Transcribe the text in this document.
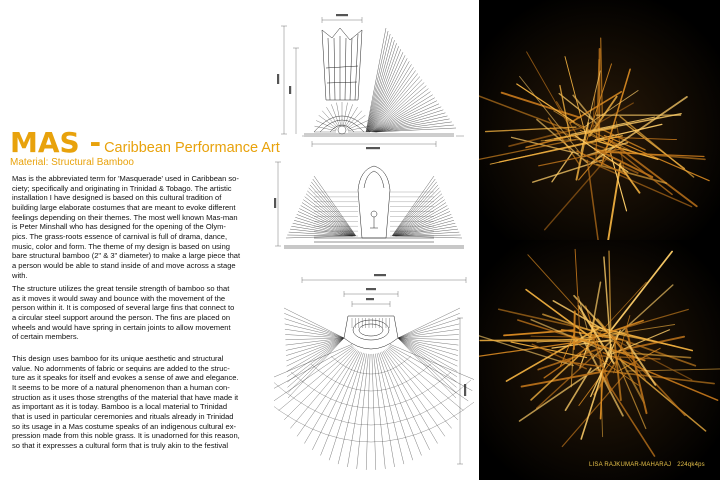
MAS - Caribbean Performance Art
Material: Structural Bamboo
Mas is the abbreviated term for 'Masquerade' used in Caribbean so-
ciety; specifically and originating in Trinidad & Tobago. The artistic
installation I have designed is based on this cultural tradition of
building large elaborate costumes that are meant to evoke different
feelings depending on their themes. The most well known Mas-man
is Peter Minshall who has designed for the opening of the Olym-
pics. The grass-roots essence of carnival is full of drama, dance,
music, color and form. The theme of my design is based on using
bare structural bamboo (2" & 3" diameter) to make a large piece that
a person would be able to stand inside of and move across a stage
with.
The structure utilizes the great tensile strength of bamboo so that
as it moves it would sway and bounce with the movement of the
person within it. It is composed of several large fins that connect to
a circular steel support around the person. The fins are placed on
wheels and would have spring in certain joints to allow movement
of certain members.
This design uses bamboo for its unique aesthetic and structural
value. No adornments of fabric or sequins are added to the struc-
ture as it speaks for itself and evokes a sense of awe and elegance.
It seems to be more of a natural phenomenon than a human con-
struction as it uses those strengths of the material that have made it
as important as it is today. Bamboo is a local material to Trinidad
that is used in particular ceremonies and rituals already in Trinidad
so its usage in a Mas costume speaks of an indigenous cultural ex-
pression made from this noble grass. It is unadorned for this reason,
so that it expresses a cultural form that is truly akin to the festival
LISA RAJKUMAR-MAHARAJ 224qk4ps
